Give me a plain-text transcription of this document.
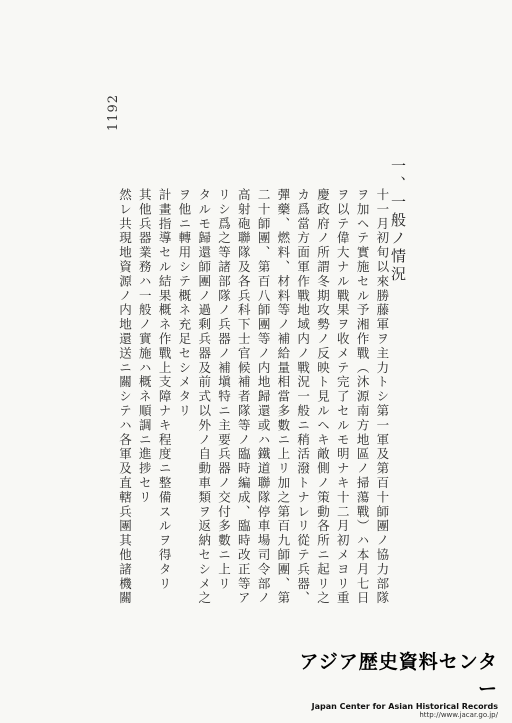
1192
一、一般ノ情況
十一月初旬以來勝藤軍ヲ主力トシ第一軍及第百十師團ノ協力部隊
ヲ加ヘテ實施セル予湘作戰（沐源南方地區ノ掃蕩戰）ハ本月七日
ヲ以テ偉大ナル戰果ヲ收メテ完了セルモ明ナキ十二月初メヨリ重
慶政府ノ所謂冬期攻勢ノ反映ト見ルヘキ敵側ノ策動各所ニ起リ之
カ爲當方面軍作戰地域内ノ戰況一般ニ稍活潑トナレリ從テ兵器、
彈藥、燃料、材料等ノ補給量相當多數ニ上リ加之第百九師團、第
二十師團、第百八師團等ノ内地歸還或ハ鐵道聯隊停車場司令部ノ
高射砲聯隊及各兵科下士官候補者隊等ノ臨時編成、臨時改正等ア
リシ爲之等諸部隊ノ兵器ノ補塡特ニ主要兵器ノ交付多數ニ上リ
タルモ歸還師團ノ過剩兵器及前式以外ノ自動車類ヲ返納セシメ之
ヲ他ニ轉用シテ概ネ充足セシメタリ
計畫指導セル結果概ネ作戰上支障ナキ程度ニ整備スルヲ得タリ
其他兵器業務ハ一般ノ實施ハ概ネ順調ニ進捗セリ
然レ共現地資源ノ内地還送ニ關シテハ各軍及直轄兵團其他諸機關
アジア歴史資料センター
Japan Center for Asian Historical Records
http://www.jacar.go.jp/
